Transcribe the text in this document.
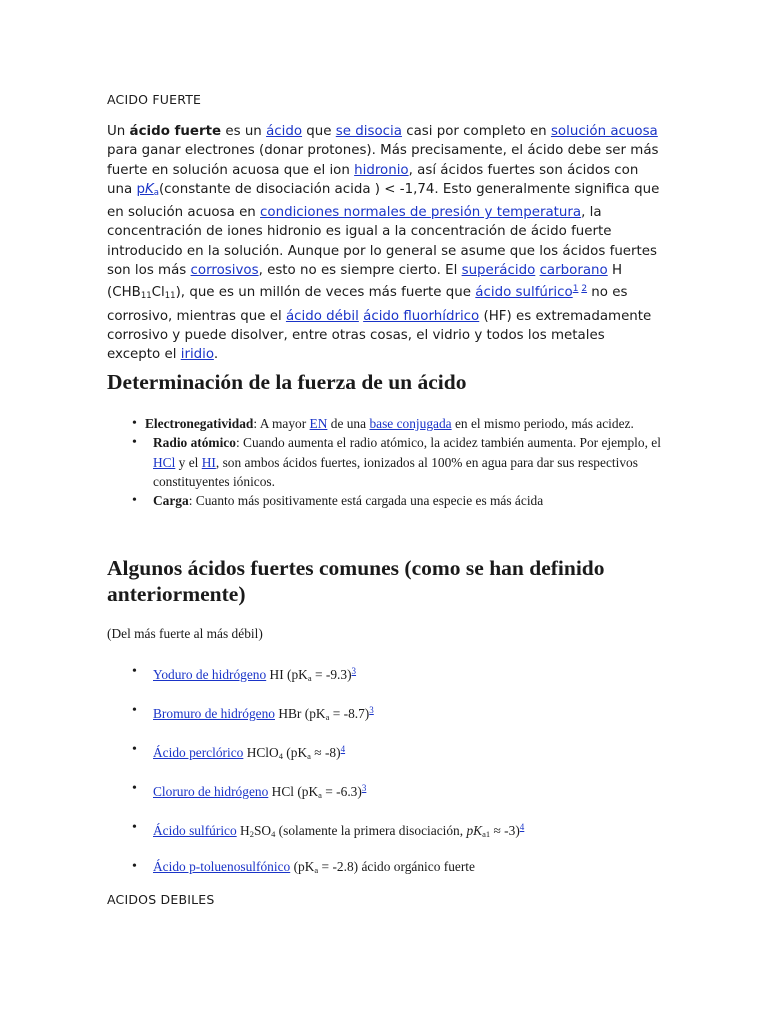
ACIDO FUERTE

Un ácido fuerte es un ácido que se disocia casi por completo en solución acuosa para ganar electrones (donar protones). Más precisamente, el ácido debe ser más fuerte en solución acuosa que el ion hidronio, así ácidos fuertes son ácidos con una $pK_a(constante$ de disociación acida ) < -1,74. Esto generalmente significa que en solución acuosa en condiciones normales de presión y temperatura, la concentración de iones hidronio es igual a la concentración de ácido fuerte introducido en la solución. Aunque por lo general se asume que los ácidos fuertes son los más corrosivos, esto no es siempre cierto. El superácido carborano H $(CHB_{11}Cl_{11})$, que es un millón de veces más fuerte que ácido sulfúrico$^{1 2}$ no es corrosivo, mientras que el ácido débil ácido fluorhídrico (HF) es extremadamente corrosivo y puede disolver, entre otras cosas, el vidrio y todos los metales excepto el iridio.

Determinación de la fuerza de un ácido
• Electronegatividad: A mayor EN de una base conjugada en el mismo periodo, más acidez.
• Radio atómico: Cuando aumenta el radio atómico, la acidez también aumenta. Por ejemplo, el HCl y el HI, son ambos ácidos fuertes, ionizados al 100% en agua para dar sus respectivos constituyentes iónicos.
• Carga: Cuanto más positivamente está cargada una especie es más ácida
Algunos ácidos fuertes comunes (como se han definido anteriormente)

(Del más fuerte al más débil)

• Yoduro de hidrógeno HI $(pK_a = -9.3)^3$
• Bromuro de hidrógeno HBr $(pK_a = -8.7)^3$
• Ácido perclórico HClO$_4$ $(pK_a \approx -8)^4$
• Cloruro de hidrógeno HCl $(pK_a = -6.3)^3$
• Ácido sulfúrico $H_2SO_4$ (solamente la primera disociación, $pK_{a1} \approx -3)^4$
• Ácido p-toluenosulfónico $(pK_a = -2.8)$ ácido orgánico fuerte
ACIDOS DEBILES
